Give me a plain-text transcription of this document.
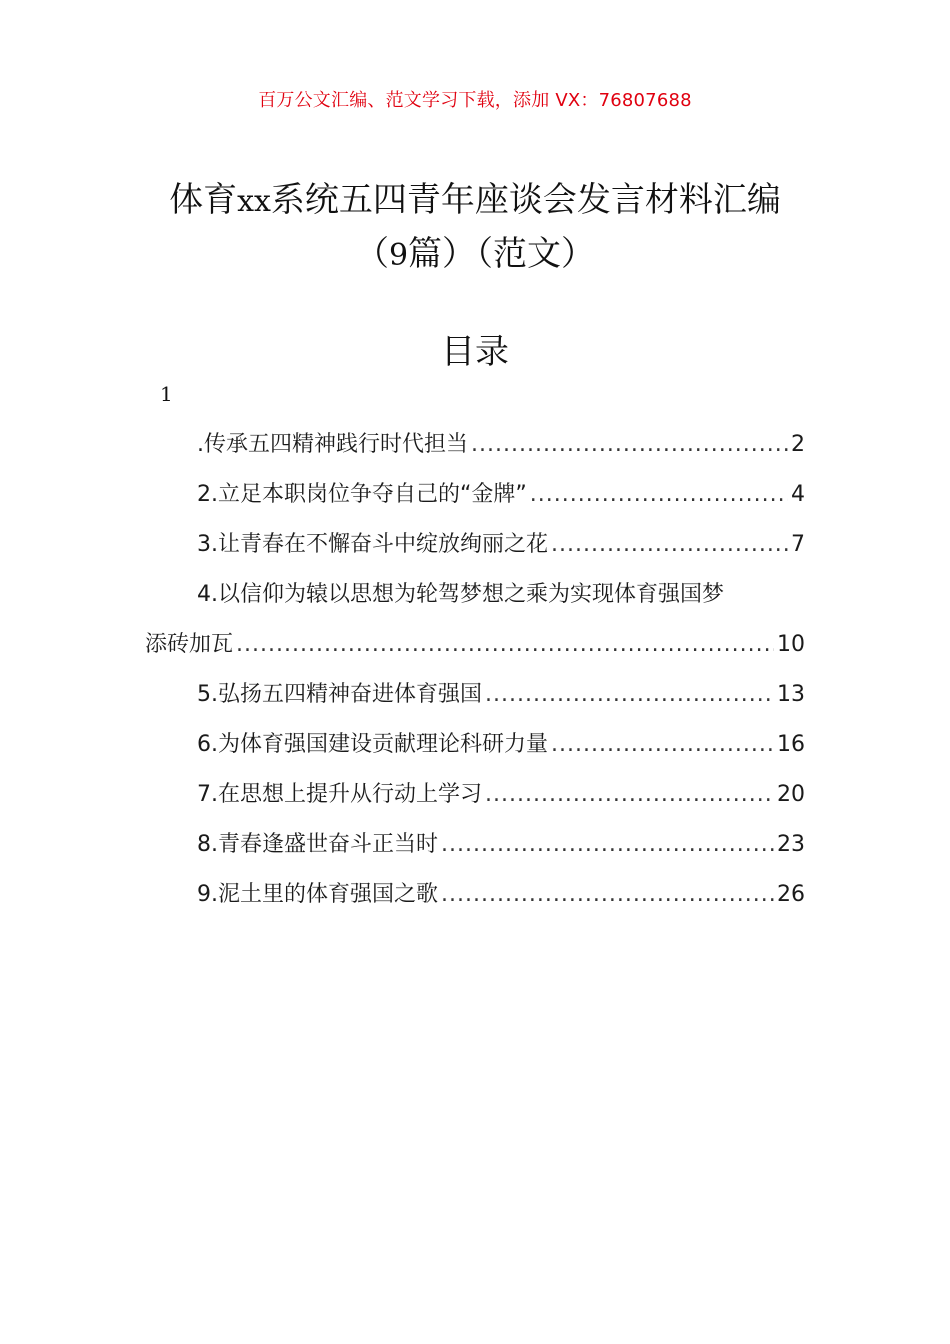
百万公文汇编、范文学习下载，添加 VX：76807688
体育xx系统五四青年座谈会发言材料汇编
（9篇）（范文）
目录
1
.传承五四精神践行时代担当 .....	2
2.立足本职岗位争夺自己的“金牌” .....	4
3.让青春在不懈奋斗中绽放绚丽之花 .....	7
4.以信仰为辕以思想为轮驾梦想之乘为实现体育强国梦
添砖加瓦 .....	10
5.弘扬五四精神奋进体育强国 .....	13
6.为体育强国建设贡献理论科研力量 .....	16
7.在思想上提升从行动上学习 .....	20
8.青春逢盛世奋斗正当时 .....	23
9.泥土里的体育强国之歌 .....	26
